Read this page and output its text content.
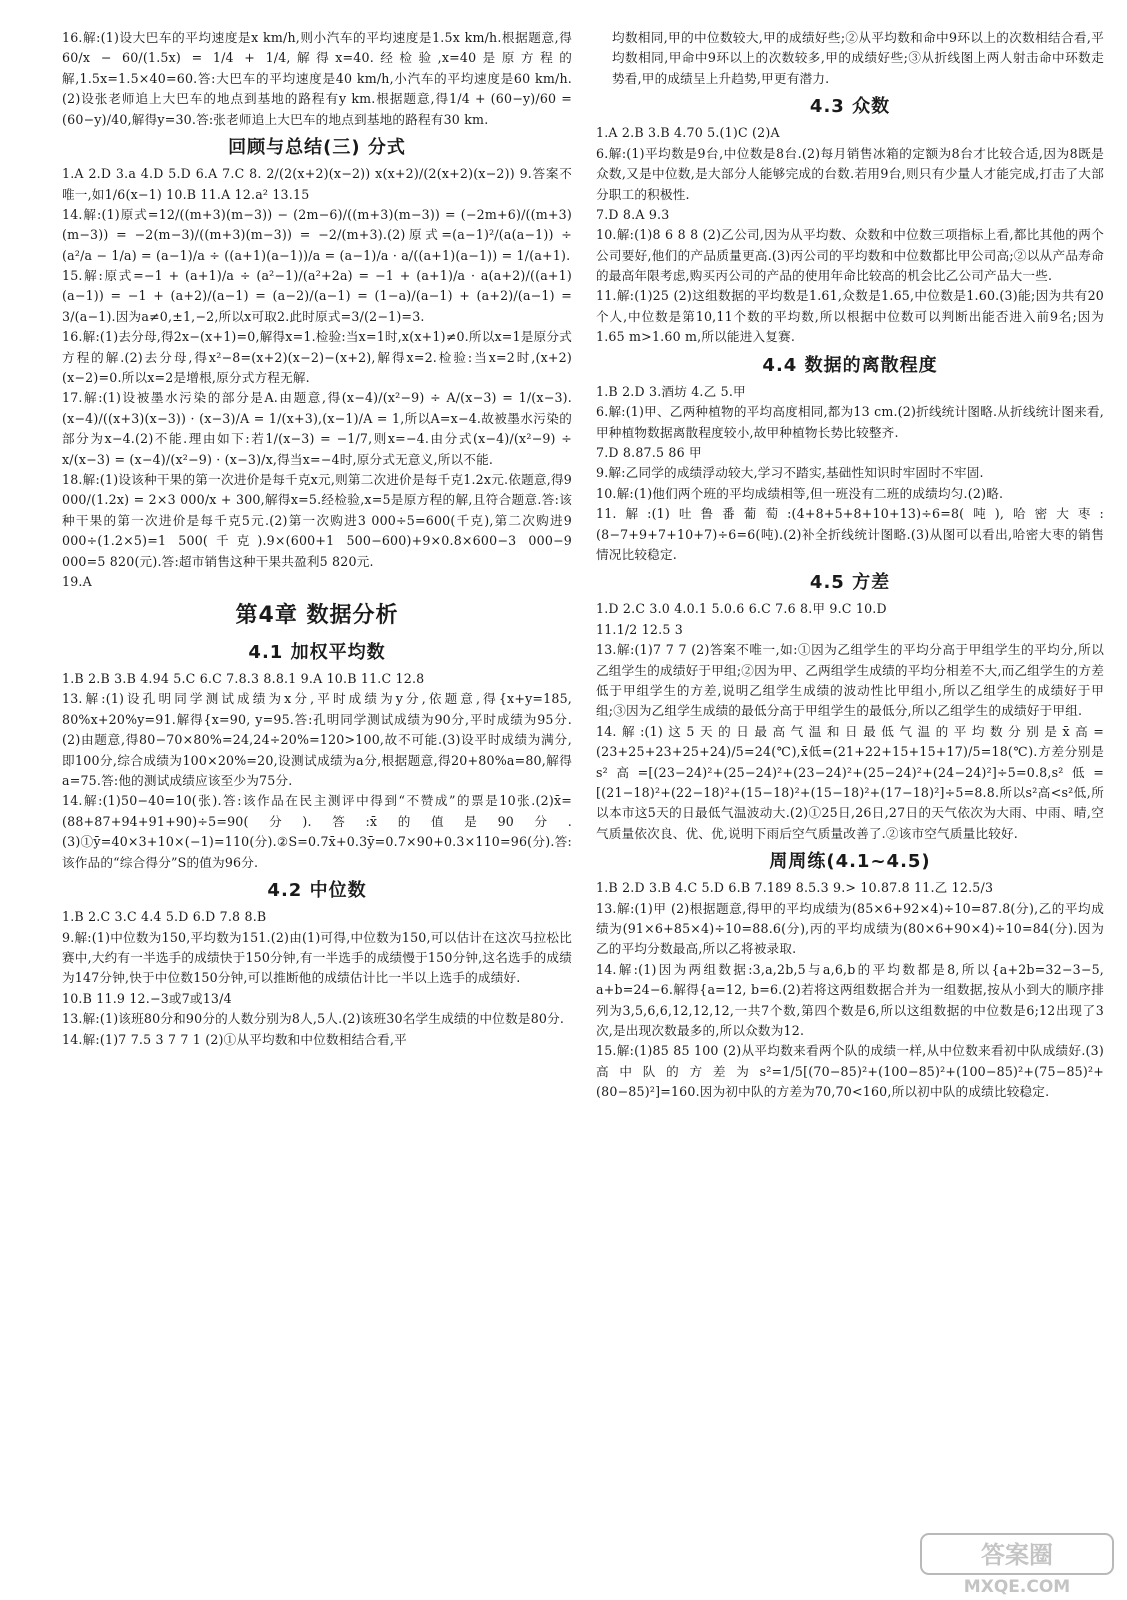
16.解:(1)设大巴车的平均速度是x km/h,则小汽车的平均速度是1.5x km/h.根据题意,得60/x − 60/(1.5x) = 1/4 + 1/4,解得x=40.经检验,x=40是原方程的解,1.5x=1.5×40=60.答:大巴车的平均速度是40 km/h,小汽车的平均速度是60 km/h.(2)设张老师追上大巴车的地点到基地的路程有y km.根据题意,得1/4 + (60−y)/60 = (60−y)/40,解得y=30.答:张老师追上大巴车的地点到基地的路程有30 km.
回顾与总结(三) 分式
1.A 2.D 3.a 4.D 5.D 6.A 7.C 8. 2/(2(x+2)(x−2)) x(x+2)/(2(x+2)(x−2)) 9.答案不唯一,如1/6(x−1) 10.B 11.A 12.a² 13.15
14.解:(1)原式=12/((m+3)(m−3)) − (2m−6)/((m+3)(m−3)) = (−2m+6)/((m+3)(m−3)) = −2(m−3)/((m+3)(m−3)) = −2/(m+3).(2)原式=(a−1)²/(a(a−1)) ÷ (a²/a − 1/a) = (a−1)/a ÷ ((a+1)(a−1))/a = (a−1)/a · a/((a+1)(a−1)) = 1/(a+1).
15.解:原式=−1 + (a+1)/a ÷ (a²−1)/(a²+2a) = −1 + (a+1)/a · a(a+2)/((a+1)(a−1)) = −1 + (a+2)/(a−1) = (a−2)/(a−1) = (1−a)/(a−1) + (a+2)/(a−1) = 3/(a−1).因为a≠0,±1,−2,所以x可取2.此时原式=3/(2−1)=3.
16.解:(1)去分母,得2x−(x+1)=0,解得x=1.检验:当x=1时,x(x+1)≠0.所以x=1是原分式方程的解.(2)去分母,得x²−8=(x+2)(x−2)−(x+2),解得x=2.检验:当x=2时,(x+2)(x−2)=0.所以x=2是增根,原分式方程无解.
17.解:(1)设被墨水污染的部分是A.由题意,得(x−4)/(x²−9) ÷ A/(x−3) = 1/(x−3).(x−4)/((x+3)(x−3)) · (x−3)/A = 1/(x+3),(x−1)/A = 1,所以A=x−4.故被墨水污染的部分为x−4.(2)不能.理由如下:若1/(x−3) = −1/7,则x=−4.由分式(x−4)/(x²−9) ÷ x/(x−3) = (x−4)/(x²−9) · (x−3)/x,得当x=−4时,原分式无意义,所以不能.
18.解:(1)设该种干果的第一次进价是每千克x元,则第二次进价是每千克1.2x元.依题意,得9 000/(1.2x) = 2×3 000/x + 300,解得x=5.经检验,x=5是原方程的解,且符合题意.答:该种干果的第一次进价是每千克5元.(2)第一次购进3 000÷5=600(千克),第二次购进9 000÷(1.2×5)=1 500(千克).9×(600+1 500−600)+9×0.8×600−3 000−9 000=5 820(元).答:超市销售这种干果共盈利5 820元.
19.A
第4章 数据分析
4.1 加权平均数
1.B 2.B 3.B 4.94 5.C 6.C 7.8.3 8.8.1 9.A 10.B 11.C 12.8
13.解:(1)设孔明同学测试成绩为x分,平时成绩为y分,依题意,得{x+y=185, 80%x+20%y=91.解得{x=90, y=95.答:孔明同学测试成绩为90分,平时成绩为95分.(2)由题意,得80−70×80%=24,24÷20%=120>100,故不可能.(3)设平时成绩为满分,即100分,综合成绩为100×20%=20,设测试成绩为a分,根据题意,得20+80%a=80,解得a=75.答:他的测试成绩应该至少为75分.
14.解:(1)50−40=10(张).答:该作品在民主测评中得到“不赞成”的票是10张.(2)x̄=(88+87+94+91+90)÷5=90(分).答:x̄的值是90分.(3)①ȳ=40×3+10×(−1)=110(分).②S=0.7x̄+0.3ȳ=0.7×90+0.3×110=96(分).答:该作品的“综合得分”S的值为96分.
4.2 中位数
1.B 2.C 3.C 4.4 5.D 6.D 7.8 8.B
9.解:(1)中位数为150,平均数为151.(2)由(1)可得,中位数为150,可以估计在这次马拉松比赛中,大约有一半选手的成绩快于150分钟,有一半选手的成绩慢于150分钟,这名选手的成绩为147分钟,快于中位数150分钟,可以推断他的成绩估计比一半以上选手的成绩好.
10.B 11.9 12.−3或7或13/4
13.解:(1)该班80分和90分的人数分别为8人,5人.(2)该班30名学生成绩的中位数是80分.
14.解:(1)7 7.5 3 7 7 1 (2)①从平均数和中位数相结合看,平
均数相同,甲的中位数较大,甲的成绩好些;②从平均数和命中9环以上的次数相结合看,平均数相同,甲命中9环以上的次数较多,甲的成绩好些;③从折线图上两人射击命中环数走势看,甲的成绩呈上升趋势,甲更有潜力.
4.3 众数
1.A 2.B 3.B 4.70 5.(1)C (2)A
6.解:(1)平均数是9台,中位数是8台.(2)每月销售冰箱的定额为8台才比较合适,因为8既是众数,又是中位数,是大部分人能够完成的台数.若用9台,则只有少量人才能完成,打击了大部分职工的积极性.
7.D 8.A 9.3
10.解:(1)8 6 8 8 (2)乙公司,因为从平均数、众数和中位数三项指标上看,都比其他的两个公司要好,他们的产品质量更高.(3)丙公司的平均数和中位数都比甲公司高;②以从产品寿命的最高年限考虑,购买丙公司的产品的使用年命比较高的机会比乙公司产品大一些.
11.解:(1)25 (2)这组数据的平均数是1.61,众数是1.65,中位数是1.60.(3)能;因为共有20个人,中位数是第10,11个数的平均数,所以根据中位数可以判断出能否进入前9名;因为1.65 m>1.60 m,所以能进入复赛.
4.4 数据的离散程度
1.B 2.D 3.酒坊 4.乙 5.甲
6.解:(1)甲、乙两种植物的平均高度相同,都为13 cm.(2)折线统计图略.从折线统计图来看,甲种植物数据离散程度较小,故甲种植物长势比较整齐.
7.D 8.87.5 86 甲
9.解:乙同学的成绩浮动较大,学习不踏实,基础性知识时牢固时不牢固.
10.解:(1)他们两个班的平均成绩相等,但一班没有二班的成绩均匀.(2)略.
11.解:(1)吐鲁番葡萄:(4+8+5+8+10+13)÷6=8(吨),哈密大枣:(8−7+9+7+10+7)÷6=6(吨).(2)补全折线统计图略.(3)从图可以看出,哈密大枣的销售情况比较稳定.
4.5 方差
1.D 2.C 3.0 4.0.1 5.0.6 6.C 7.6 8.甲 9.C 10.D
11.1/2 12.5 3
13.解:(1)7 7 7 (2)答案不唯一,如:①因为乙组学生的平均分高于甲组学生的平均分,所以乙组学生的成绩好于甲组;②因为甲、乙两组学生成绩的平均分相差不大,而乙组学生的方差低于甲组学生的方差,说明乙组学生成绩的波动性比甲组小,所以乙组学生的成绩好于甲组;③因为乙组学生成绩的最低分高于甲组学生的最低分,所以乙组学生的成绩好于甲组.
14.解:(1)这5天的日最高气温和日最低气温的平均数分别是x̄高=(23+25+23+25+24)/5=24(℃),x̄低=(21+22+15+15+17)/5=18(℃).方差分别是s²高=[(23−24)²+(25−24)²+(23−24)²+(25−24)²+(24−24)²]÷5=0.8,s²低=[(21−18)²+(22−18)²+(15−18)²+(15−18)²+(17−18)²]÷5=8.8.所以s²高<s²低,所以本市这5天的日最低气温波动大.(2)①25日,26日,27日的天气依次为大雨、中雨、晴,空气质量依次良、优、优,说明下雨后空气质量改善了.②该市空气质量比较好.
周周练(4.1~4.5)
1.B 2.D 3.B 4.C 5.D 6.B 7.189 8.5.3 9.> 10.87.8 11.乙 12.5/3
13.解:(1)甲 (2)根据题意,得甲的平均成绩为(85×6+92×4)÷10=87.8(分),乙的平均成绩为(91×6+85×4)÷10=88.6(分),丙的平均成绩为(80×6+90×4)÷10=84(分).因为乙的平均分数最高,所以乙将被录取.
14.解:(1)因为两组数据:3,a,2b,5与a,6,b的平均数都是8,所以{a+2b=32−3−5, a+b=24−6.解得{a=12, b=6.(2)若将这两组数据合并为一组数据,按从小到大的顺序排列为3,5,6,6,12,12,12,一共7个数,第四个数是6,所以这组数据的中位数是6;12出现了3次,是出现次数最多的,所以众数为12.
15.解:(1)85 85 100 (2)从平均数来看两个队的成绩一样,从中位数来看初中队成绩好.(3)高中队的方差为s²=1/5[(70−85)²+(100−85)²+(100−85)²+(75−85)²+(80−85)²]=160.因为初中队的方差为70,70<160,所以初中队的成绩比较稳定.
答案圈
MXQE.COM
